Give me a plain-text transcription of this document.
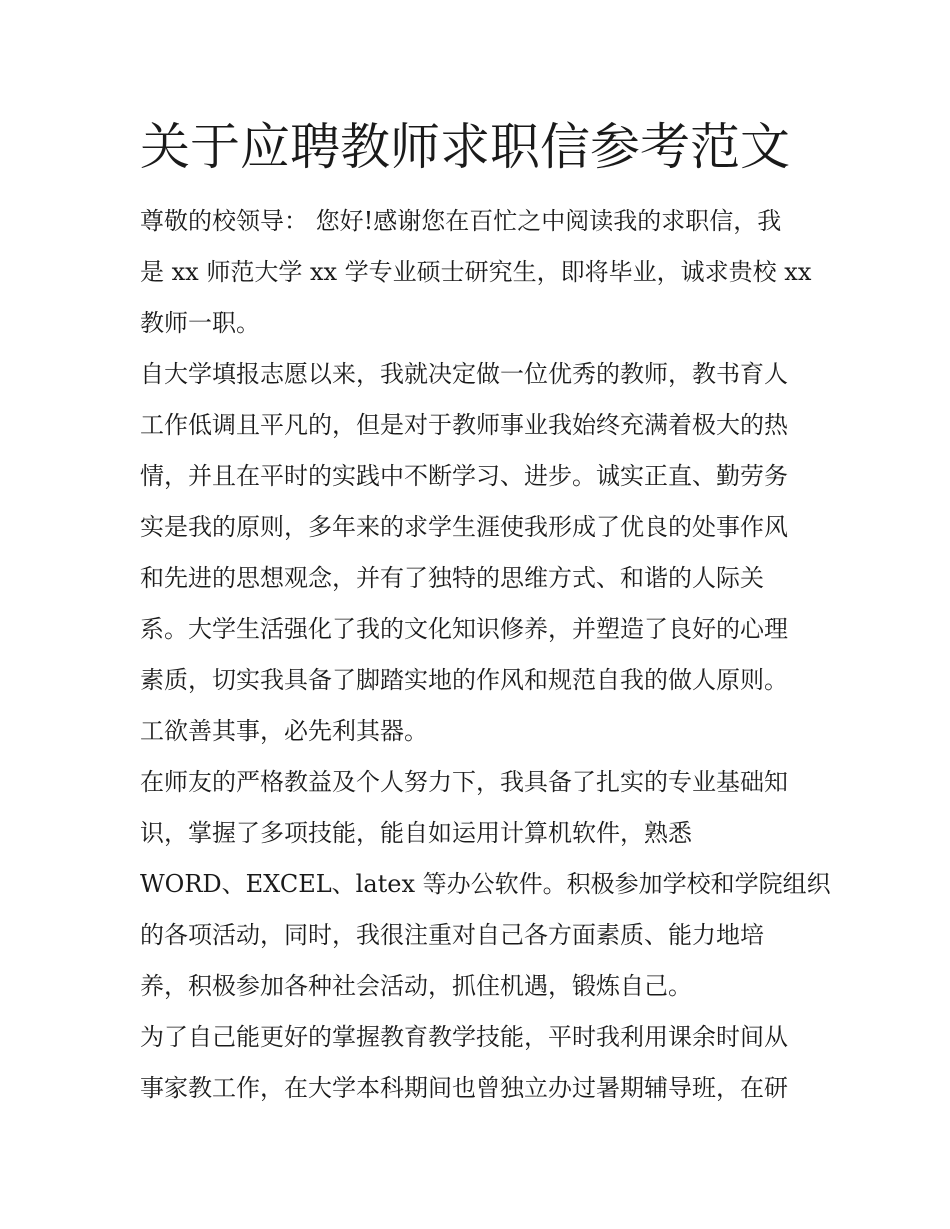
关于应聘教师求职信参考范文
尊敬的校领导： 您好!感谢您在百忙之中阅读我的求职信，我
是 xx 师范大学 xx 学专业硕士研究生，即将毕业，诚求贵校 xx
教师一职。
自大学填报志愿以来，我就决定做一位优秀的教师，教书育人
工作低调且平凡的，但是对于教师事业我始终充满着极大的热
情，并且在平时的实践中不断学习、进步。诚实正直、勤劳务
实是我的原则，多年来的求学生涯使我形成了优良的处事作风
和先进的思想观念，并有了独特的思维方式、和谐的人际关
系。大学生活强化了我的文化知识修养，并塑造了良好的心理
素质，切实我具备了脚踏实地的作风和规范自我的做人原则。
工欲善其事，必先利其器。
在师友的严格教益及个人努力下，我具备了扎实的专业基础知
识，掌握了多项技能，能自如运用计算机软件，熟悉
WORD、EXCEL、latex 等办公软件。积极参加学校和学院组织
的各项活动，同时，我很注重对自己各方面素质、能力地培
养，积极参加各种社会活动，抓住机遇，锻炼自己。
为了自己能更好的掌握教育教学技能，平时我利用课余时间从
事家教工作，在大学本科期间也曾独立办过暑期辅导班，在研
